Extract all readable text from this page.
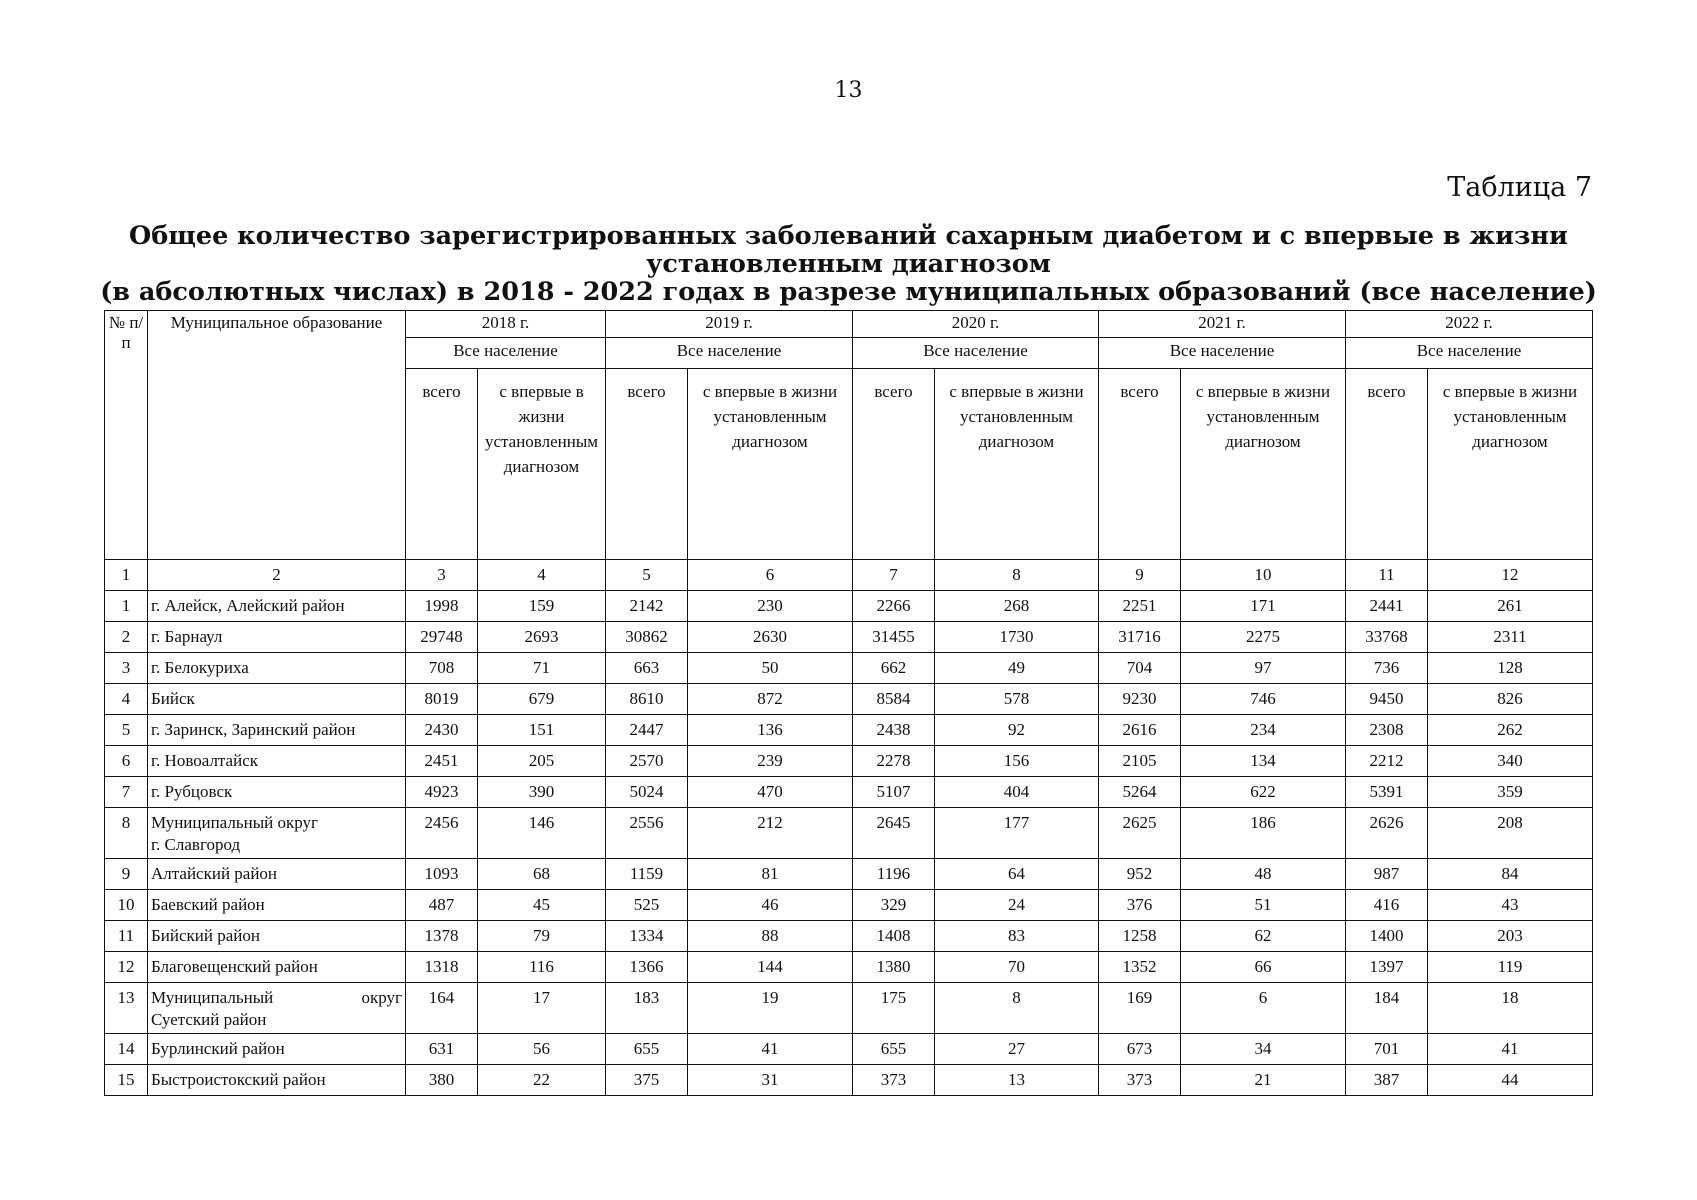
13
Таблица 7
Общее количество зарегистрированных заболеваний сахарным диабетом и с впервые в жизни установленным диагнозом
(в абсолютных числах) в 2018 - 2022 годах в разрезе муниципальных образований (все население)
№ п/п	Муниципальное образование	2018 г.		2019 г.		2020 г.		2021 г.		2022 г.	
		Все население		Все население		Все население		Все население		Все население	
		всего	с впервые в жизни установленным диагнозом	всего	с впервые в жизни установленным диагнозом	всего	с впервые в жизни установленным диагнозом	всего	с впервые в жизни установленным диагнозом	всего	с впервые в жизни установленным диагнозом
1	2	3	4	5	6	7	8	9	10	11	12
1	г. Алейск, Алейский район	1998	159	2142	230	2266	268	2251	171	2441	261
2	г. Барнаул	29748	2693	30862	2630	31455	1730	31716	2275	33768	2311
3	г. Белокуриха	708	71	663	50	662	49	704	97	736	128
4	Бийск	8019	679	8610	872	8584	578	9230	746	9450	826
5	г. Заринск, Заринский район	2430	151	2447	136	2438	92	2616	234	2308	262
6	г. Новоалтайск	2451	205	2570	239	2278	156	2105	134	2212	340
7	г. Рубцовск	4923	390	5024	470	5107	404	5264	622	5391	359
8	Муниципальный округ
г. Славгород	2456	146	2556	212	2645	177	2625	186	2626	208
9	Алтайский район	1093	68	1159	81	1196	64	952	48	987	84
10	Баевский район	487	45	525	46	329	24	376	51	416	43
11	Бийский район	1378	79	1334	88	1408	83	1258	62	1400	203
12	Благовещенский район	1318	116	1366	144	1380	70	1352	66	1397	119
13	Муниципальный округ
Суетский район	164	17	183	19	175	8	169	6	184	18
14	Бурлинский район	631	56	655	41	655	27	673	34	701	41
15	Быстроистокский район	380	22	375	31	373	13	373	21	387	44
